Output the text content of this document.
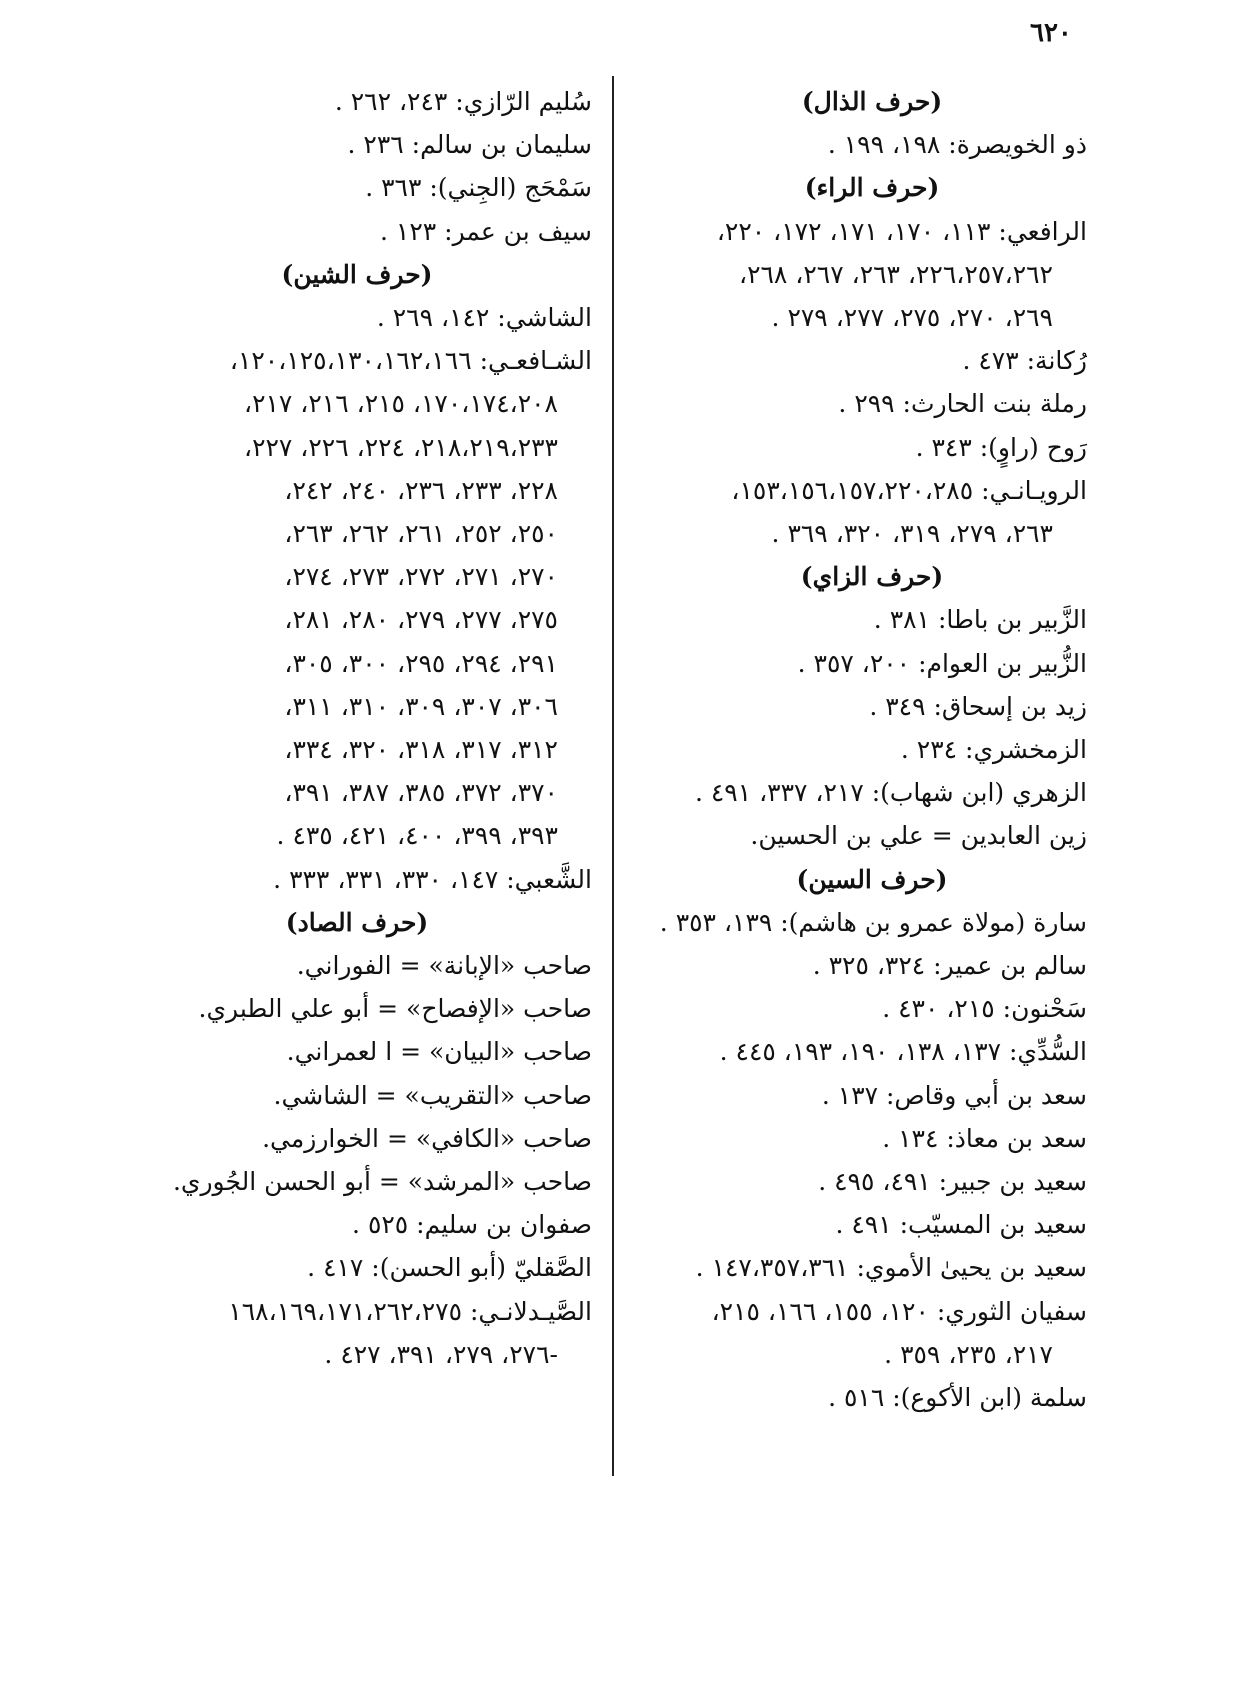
٦٢٠
(حرف الذال)
ذو الخويصرة: ١٩٨، ١٩٩ .
(حرف الراء)
الرافعي: ١١٣، ١٧٠، ١٧١، ١٧٢، ٢٢٠،
٢٢٦،٢٥٧،٢٦٢، ٢٦٣، ٢٦٧، ٢٦٨،
٢٦٩، ٢٧٠، ٢٧٥، ٢٧٧، ٢٧٩ .
رُكانة: ٤٧٣ .
رملة بنت الحارث: ٢٩٩ .
رَوح (راوٍ): ٣٤٣ .
الرويـانـي: ١٥٣،١٥٦،١٥٧،٢٢٠،٢٨٥،
٢٦٣، ٢٧٩، ٣١٩، ٣٢٠، ٣٦٩ .
(حرف الزاي)
الزَّبير بن باطا: ٣٨١ .
الزُّبير بن العوام: ٢٠٠، ٣٥٧ .
زيد بن إسحاق: ٣٤٩ .
الزمخشري: ٢٣٤ .
الزهري (ابن شهاب): ٢١٧، ٣٣٧، ٤٩١ .
زين العابدين = علي بن الحسين.
(حرف السين)
سارة (مولاة عمرو بن هاشم): ١٣٩، ٣٥٣ .
سالم بن عمير: ٣٢٤، ٣٢٥ .
سَحْنون: ٢١٥، ٤٣٠ .
السُّدِّي: ١٣٧، ١٣٨، ١٩٠، ١٩٣، ٤٤٥ .
سعد بن أبي وقاص: ١٣٧ .
سعد بن معاذ: ١٣٤ .
سعيد بن جبير: ٤٩١، ٤٩٥ .
سعيد بن المسيّب: ٤٩١ .
سعيد بن يحيىٰ الأموي: ١٤٧،٣٥٧،٣٦١ .
سفيان الثوري: ١٢٠، ١٥٥، ١٦٦، ٢١٥،
٢١٧، ٢٣٥، ٣٥٩ .
سلمة (ابن الأكوع): ٥١٦ .
سُليم الرّازي: ٢٤٣، ٢٦٢ .
سليمان بن سالم: ٢٣٦ .
سَمْحَج (الجِني): ٣٦٣ .
سيف بن عمر: ١٢٣ .
(حرف الشين)
الشاشي: ١٤٢، ٢٦٩ .
الشـافعـي: ١٢٠،١٢٥،١٣٠،١٦٢،١٦٦،
١٧٠،١٧٤،٢٠٨، ٢١٥، ٢١٦، ٢١٧،
٢١٨،٢١٩،٢٣٣، ٢٢٤، ٢٢٦، ٢٢٧،
٢٢٨، ٢٣٣، ٢٣٦، ٢٤٠، ٢٤٢،
٢٥٠، ٢٥٢، ٢٦١، ٢٦٢، ٢٦٣،
٢٧٠، ٢٧١، ٢٧٢، ٢٧٣، ٢٧٤،
٢٧٥، ٢٧٧، ٢٧٩، ٢٨٠، ٢٨١،
٢٩١، ٢٩٤، ٢٩٥، ٣٠٠، ٣٠٥،
٣٠٦، ٣٠٧، ٣٠٩، ٣١٠، ٣١١،
٣١٢، ٣١٧، ٣١٨، ٣٢٠، ٣٣٤،
٣٧٠، ٣٧٢، ٣٨٥، ٣٨٧، ٣٩١،
٣٩٣، ٣٩٩، ٤٠٠، ٤٢١، ٤٣٥ .
الشَّعبي: ١٤٧، ٣٣٠، ٣٣١، ٣٣٣ .
(حرف الصاد)
صاحب «الإبانة» = الفوراني.
صاحب «الإفصاح» = أبو علي الطبري.
صاحب «البيان» = ا لعمراني.
صاحب «التقريب» = الشاشي.
صاحب «الكافي» = الخوارزمي.
صاحب «المرشد» = أبو الحسن الجُوري.
صفوان بن سليم: ٥٢٥ .
الصَّقليّ (أبو الحسن): ٤١٧ .
الصَّيـدلانـي: ١٦٨،١٦٩،١٧١،٢٦٢،٢٧٥
-٢٧٦، ٢٧٩، ٣٩١، ٤٢٧ .
